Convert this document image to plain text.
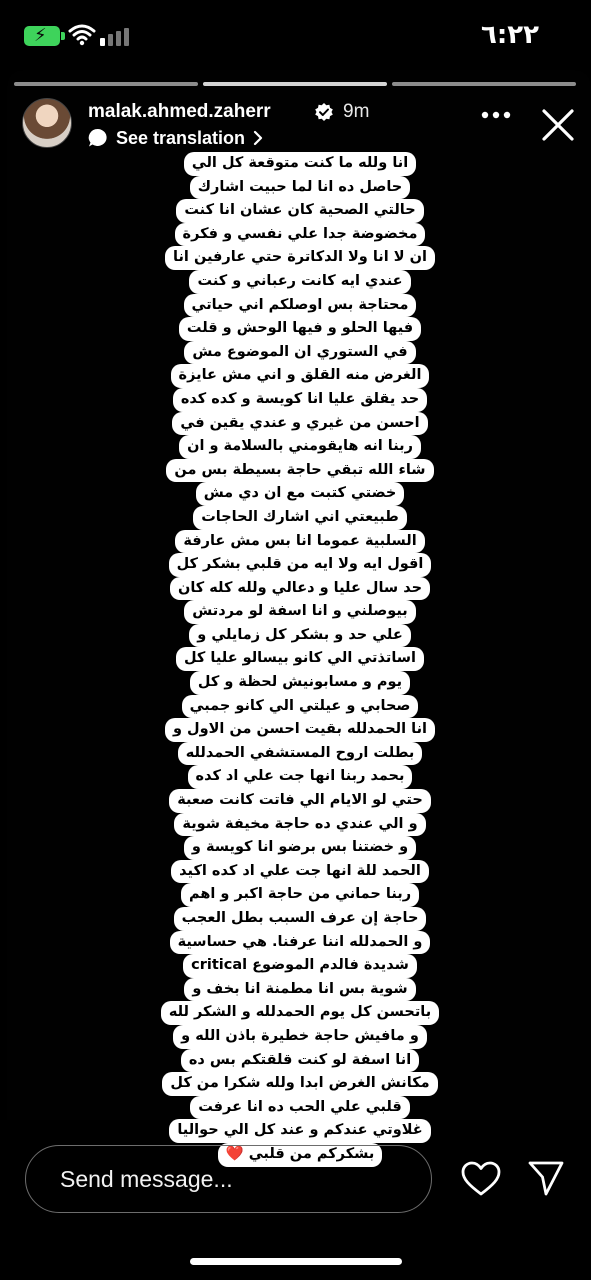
⚡	٦:٢٢
malak.ahmed.zaherr	9m
See translation
انا ولله ما كنت متوقعة كل الي
حاصل ده انا لما حبيت اشارك
حالتي الصحية كان عشان انا كنت
مخضوضة جدا علي نفسي و فكرة
ان لا انا ولا الدكاترة حتي عارفين انا
عندي ايه كانت رعباني و كنت
محتاجة بس اوصلكم اني حياتي
فيها الحلو و فيها الوحش و قلت
في الستوري ان الموضوع مش
الغرض منه القلق و اني مش عايزة
حد يقلق عليا انا كويسة و كده كده
احسن من غيري و عندي يقين في
ربنا انه هايقومني بالسلامة و ان
شاء الله تبقي حاجة بسيطة بس من
خضتي كتبت مع ان دي مش
طبيعتي اني اشارك الحاجات
السلبية عموما انا بس مش عارفة
اقول ايه ولا ايه من قلبي بشكر كل
حد سال عليا و دعالي ولله كله كان
بيوصلني و انا اسفة لو مردتش
علي حد و بشكر كل زمايلي و
اساتذتي الي كانو بيسالو عليا كل
يوم و مسابونيش لحظة و كل
صحابي و عيلتي الي كانو جمبي
انا الحمدلله بقيت احسن من الاول و
بطلت اروح المستشفي الحمدلله
بحمد ربنا انها جت علي اد كده
حتي لو الايام الي فاتت كانت صعبة
و الي عندي ده حاجة مخيفة شوية
و خضتنا بس برضو انا كويسة و
الحمد للة انها جت علي اد كده اكيد
ربنا حماني من حاجة اكبر و اهم
حاجة إن عرف السبب بطل العجب
و الحمدلله اننا عرفنا. هي حساسية
شديدة فالدم الموضوع critical
شوية بس انا مطمنة انا بخف و
باتحسن كل يوم الحمدلله و الشكر لله
و مافيش حاجة خطيرة باذن الله و
انا اسفة لو كنت قلقتكم بس ده
مكانش الغرض ابدا ولله شكرا من كل
قلبي علي الحب ده انا عرفت
غلاوتي عندكم و عند كل الي حواليا
بشكركم من قلبي ❤️
Send message...
